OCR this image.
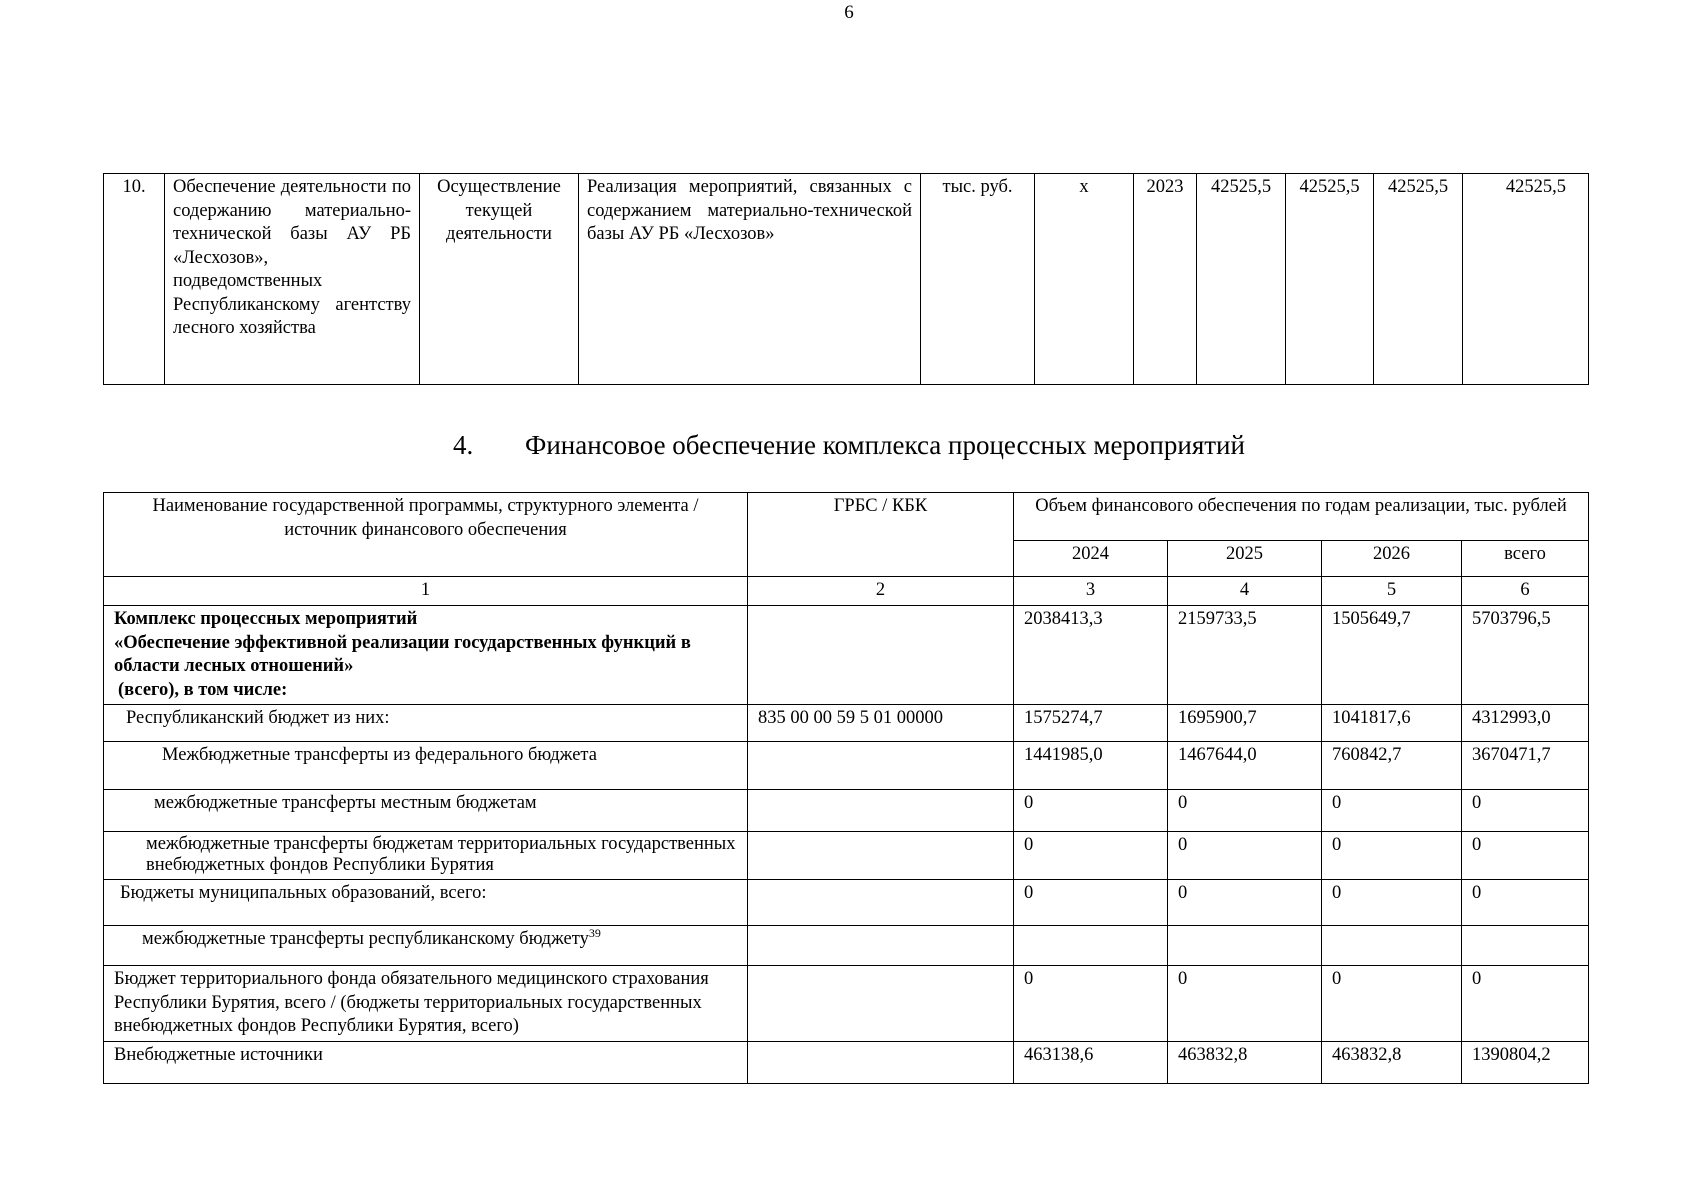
6
10.	Обеспечение деятельности по содержанию материально-технической базы АУ РБ «Лесхозов», подведомственных Республиканскому агентству лесного хозяйства	Осуществление текущей деятельности	Реализация мероприятий, связанных с содержанием материально-технической базы АУ РБ «Лесхозов»	тыс. руб.	х	2023	42525,5	42525,5	42525,5	42525,5
4. Финансовое обеспечение комплекса процессных мероприятий
Наименование государственной программы, структурного элемента / источник финансового обеспечения	ГРБС / КБК	Объем финансового обеспечения по годам реализации, тыс. рублей			
		2024	2025	2026	всего
1	2	3	4	5	6

Комплекс процессных мероприятий
«Обеспечение эффективной реализации государственных функций в области лесных отношений»
(всего), в том числе:		2038413,3	2159733,5	1505649,7	5703796,5
Республиканский бюджет из них:	835 00 00 59 5 01 00000	1575274,7	1695900,7	1041817,6	4312993,0
Межбюджетные трансферты из федерального бюджета		1441985,0	1467644,0	760842,7	3670471,7
межбюджетные трансферты местным бюджетам		0	0	0	0
межбюджетные трансферты бюджетам территориальных государственных внебюджетных фондов Республики Бурятия		0	0	0	0
Бюджеты муниципальных образований, всего:		0	0	0	0
межбюджетные трансферты республиканскому бюджету$^{39}$					
Бюджет территориального фонда обязательного медицинского страхования Республики Бурятия, всего / (бюджеты территориальных государственных внебюджетных фондов Республики Бурятия, всего)		0	0	0	0
Внебюджетные источники		463138,6	463832,8	463832,8	1390804,2
